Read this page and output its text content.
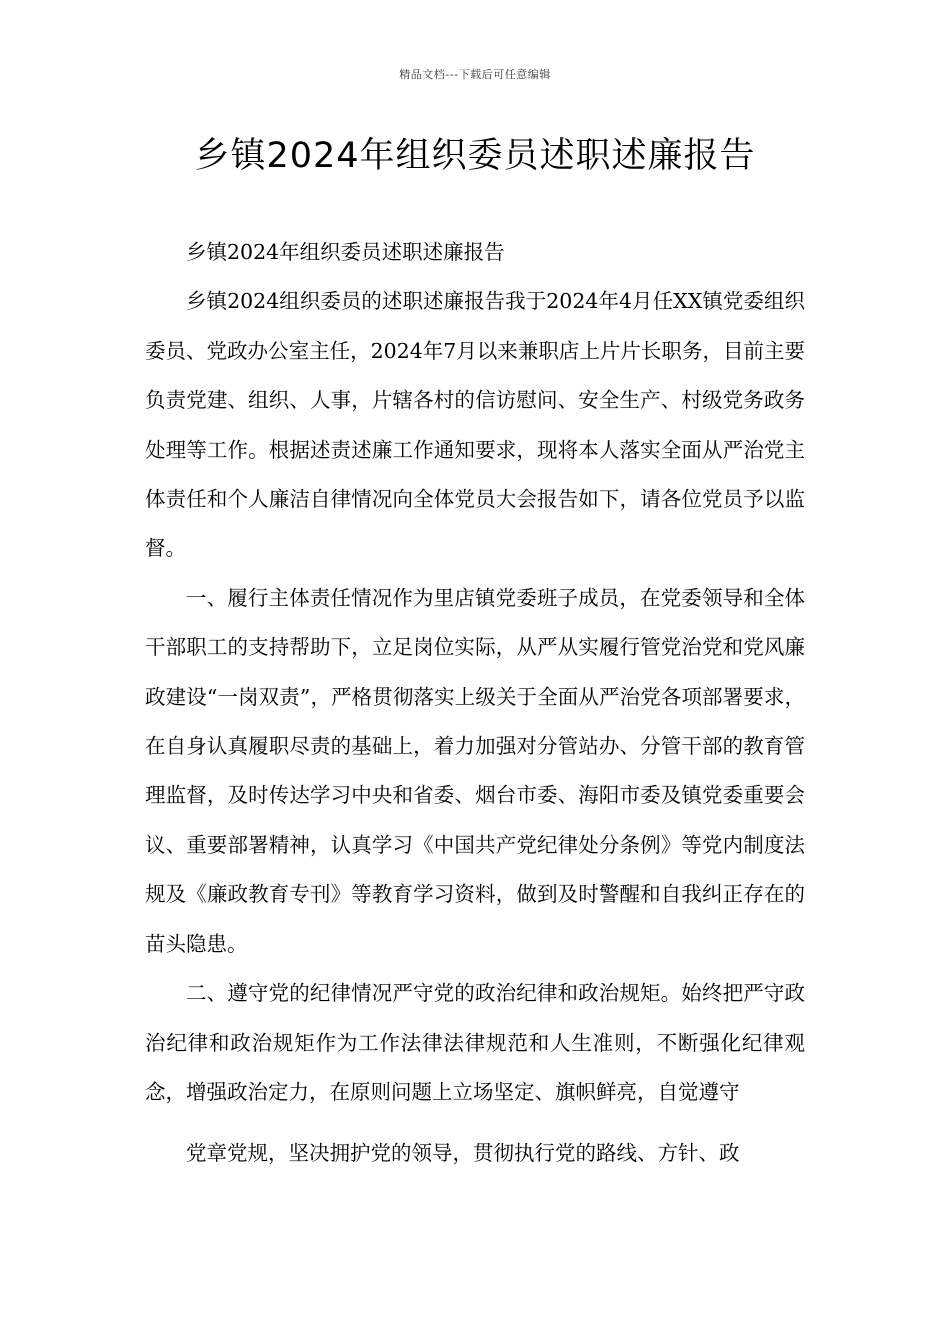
精品文档---下载后可任意编辑
乡镇2024年组织委员述职述廉报告

乡镇2024年组织委员述职述廉报告

乡镇2024组织委员的述职述廉报告我于2024年4月任XX镇党委组织委员、党政办公室主任，2024年7月以来兼职店上片片长职务，目前主要负责党建、组织、人事，片辖各村的信访慰问、安全生产、村级党务政务处理等工作。根据述责述廉工作通知要求，现将本人落实全面从严治党主体责任和个人廉洁自律情况向全体党员大会报告如下，请各位党员予以监督。

一、履行主体责任情况作为里店镇党委班子成员，在党委领导和全体干部职工的支持帮助下，立足岗位实际，从严从实履行管党治党和党风廉政建设“一岗双责”，严格贯彻落实上级关于全面从严治党各项部署要求，在自身认真履职尽责的基础上，着力加强对分管站办、分管干部的教育管理监督，及时传达学习中央和省委、烟台市委、海阳市委及镇党委重要会议、重要部署精神，认真学习《中国共产党纪律处分条例》等党内制度法规及《廉政教育专刊》等教育学习资料，做到及时警醒和自我纠正存在的苗头隐患。

二、遵守党的纪律情况严守党的政治纪律和政治规矩。始终把严守政治纪律和政治规矩作为工作法律法律规范和人生准则，不断强化纪律观念，增强政治定力，在原则问题上立场坚定、旗帜鲜亮，自觉遵守

党章党规，坚决拥护党的领导，贯彻执行党的路线、方针、政
